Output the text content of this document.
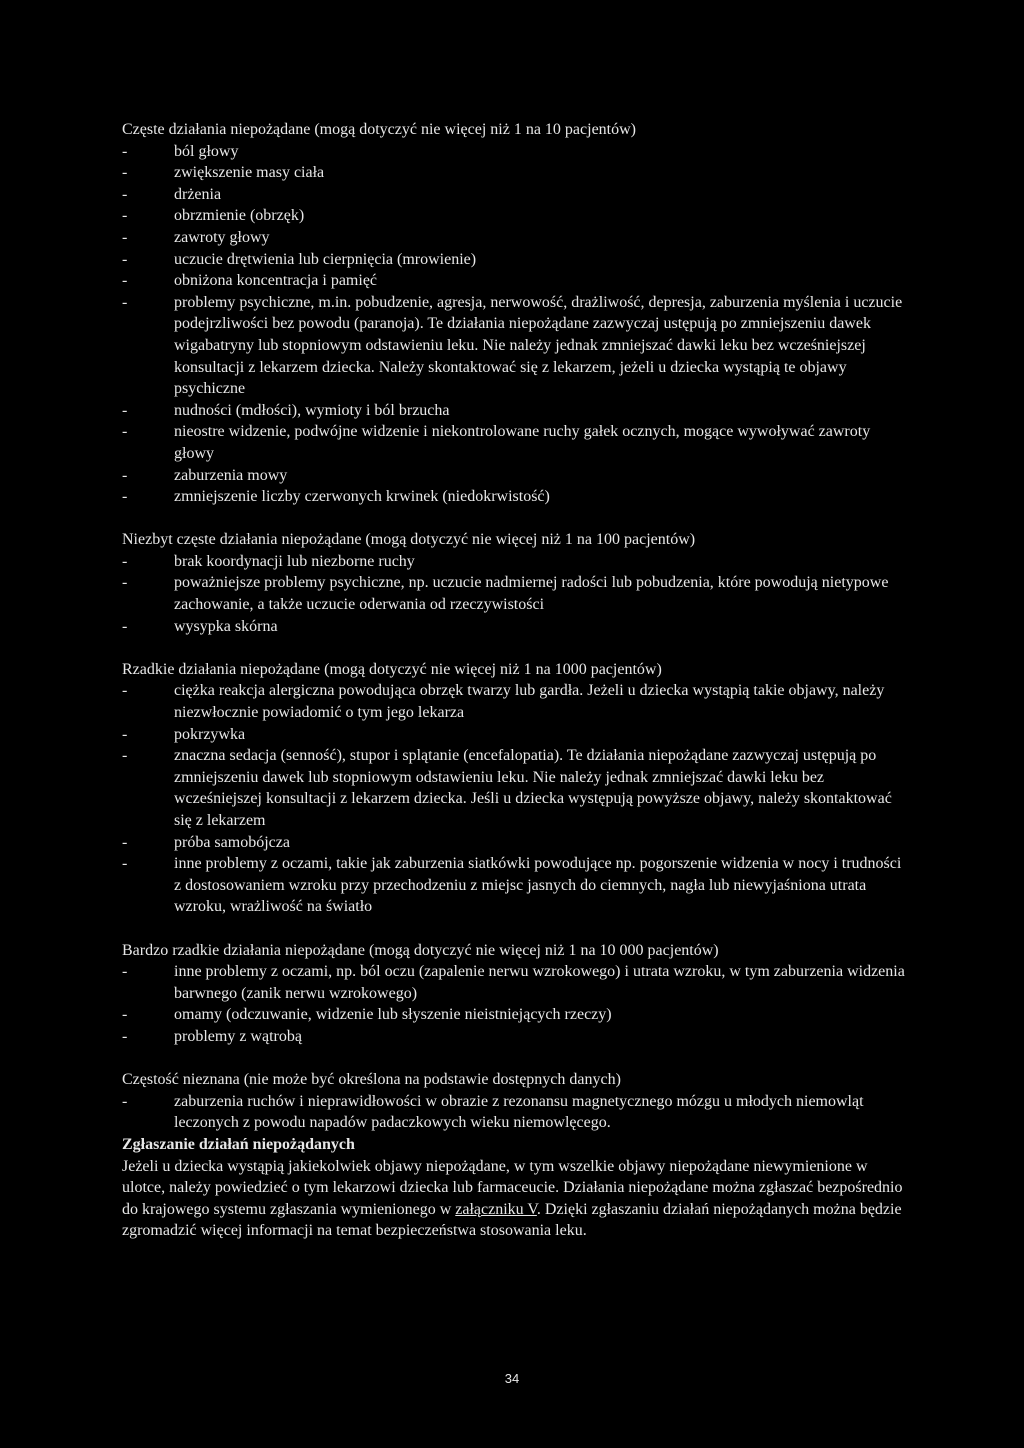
Częste działania niepożądane (mogą dotyczyć nie więcej niż 1 na 10 pacjentów)

-	ból głowy
-	zwiększenie masy ciała
-	drżenia
-	obrzmienie (obrzęk)
-	zawroty głowy
-	uczucie drętwienia lub cierpnięcia (mrowienie)
-	obniżona koncentracja i pamięć
-	problemy psychiczne, m.in. pobudzenie, agresja, nerwowość, drażliwość, depresja, zaburzenia myślenia i uczucie podejrzliwości bez powodu (paranoja). Te działania niepożądane zazwyczaj ustępują po zmniejszeniu dawek wigabatryny lub stopniowym odstawieniu leku. Nie należy jednak zmniejszać dawki leku bez wcześniejszej konsultacji z lekarzem dziecka. Należy skontaktować się z lekarzem, jeżeli u dziecka wystąpią te objawy psychiczne
-	nudności (mdłości), wymioty i ból brzucha
-	nieostre widzenie, podwójne widzenie i niekontrolowane ruchy gałek ocznych, mogące wywoływać zawroty głowy
-	zaburzenia mowy
-	zmniejszenie liczby czerwonych krwinek (niedokrwistość)

Niezbyt częste działania niepożądane (mogą dotyczyć nie więcej niż 1 na 100 pacjentów)

-	brak koordynacji lub niezborne ruchy
-	poważniejsze problemy psychiczne, np. uczucie nadmiernej radości lub pobudzenia, które powodują nietypowe zachowanie, a także uczucie oderwania od rzeczywistości
-	wysypka skórna

Rzadkie działania niepożądane (mogą dotyczyć nie więcej niż 1 na 1000 pacjentów)

-	ciężka reakcja alergiczna powodująca obrzęk twarzy lub gardła. Jeżeli u dziecka wystąpią takie objawy, należy niezwłocznie powiadomić o tym jego lekarza
-	pokrzywka
-	znaczna sedacja (senność), stupor i splątanie (encefalopatia). Te działania niepożądane zazwyczaj ustępują po zmniejszeniu dawek lub stopniowym odstawieniu leku. Nie należy jednak zmniejszać dawki leku bez wcześniejszej konsultacji z lekarzem dziecka. Jeśli u dziecka występują powyższe objawy, należy skontaktować się z lekarzem
-	próba samobójcza
-	inne problemy z oczami, takie jak zaburzenia siatkówki powodujące np. pogorszenie widzenia w nocy i trudności z dostosowaniem wzroku przy przechodzeniu z miejsc jasnych do ciemnych, nagła lub niewyjaśniona utrata wzroku, wrażliwość na światło

Bardzo rzadkie działania niepożądane (mogą dotyczyć nie więcej niż 1 na 10 000 pacjentów)

-	inne problemy z oczami, np. ból oczu (zapalenie nerwu wzrokowego) i utrata wzroku, w tym zaburzenia widzenia barwnego (zanik nerwu wzrokowego)
-	omamy (odczuwanie, widzenie lub słyszenie nieistniejących rzeczy)
-	problemy z wątrobą

Częstość nieznana (nie może być określona na podstawie dostępnych danych)

-	zaburzenia ruchów i nieprawidłowości w obrazie z rezonansu magnetycznego mózgu u młodych niemowląt leczonych z powodu napadów padaczkowych wieku niemowlęcego.

Zgłaszanie działań niepożądanych

Jeżeli u dziecka wystąpią jakiekolwiek objawy niepożądane, w tym wszelkie objawy niepożądane niewymienione w ulotce, należy powiedzieć o tym lekarzowi dziecka lub farmaceucie. Działania niepożądane można zgłaszać bezpośrednio do krajowego systemu zgłaszania wymienionego w załączniku V. Dzięki zgłaszaniu działań niepożądanych można będzie zgromadzić więcej informacji na temat bezpieczeństwa stosowania leku.

34
